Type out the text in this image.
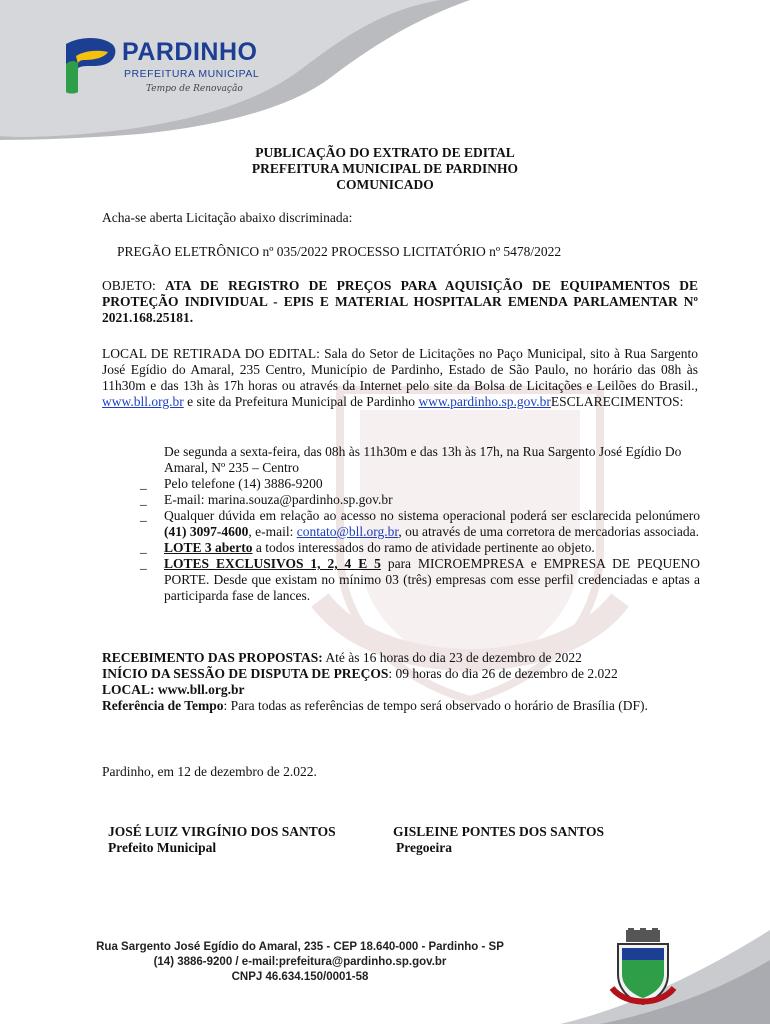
PARDINHO
PREFEITURA MUNICIPAL
Tempo de Renovação
PUBLICAÇÃO DO EXTRATO DE EDITAL
PREFEITURA MUNICIPAL DE PARDINHO
COMUNICADO
Acha-se aberta Licitação abaixo discriminada:
PREGÃO ELETRÔNICO nº 035/2022 PROCESSO LICITATÓRIO nº 5478/2022
OBJETO: ATA DE REGISTRO DE PREÇOS PARA AQUISIÇÃO DE EQUIPAMENTOS DE PROTEÇÃO INDIVIDUAL - EPIS E MATERIAL HOSPITALAR EMENDA PARLAMENTAR Nº 2021.168.25181.
LOCAL DE RETIRADA DO EDITAL: Sala do Setor de Licitações no Paço Municipal, sito à Rua Sargento José Egídio do Amaral, 235 Centro, Município de Pardinho, Estado de São Paulo, no horário das 08h às 11h30m e das 13h às 17h horas ou através da Internet pelo site da Bolsa de Licitações e Leilões do Brasil., www.bll.org.br e site da Prefeitura Municipal de Pardinho www.pardinho.sp.gov.brESCLARECIMENTOS:
De segunda a sexta-feira, das 08h às 11h30m e das 13h às 17h, na Rua Sargento José Egídio Do Amaral, Nº 235 – Centro
_ Pelo telefone (14) 3886-9200
_ E-mail: marina.souza@pardinho.sp.gov.br
_ Qualquer dúvida em relação ao acesso no sistema operacional poderá ser esclarecida pelonúmero (41) 3097-4600, e-mail: contato@bll.org.br, ou através de uma corretora de mercadorias associada.
_ LOTE 3 aberto a todos interessados do ramo de atividade pertinente ao objeto.
_ LOTES EXCLUSIVOS 1, 2, 4 E 5 para MICROEMPRESA e EMPRESA DE PEQUENO PORTE. Desde que existam no mínimo 03 (três) empresas com esse perfil credenciadas e aptas a participarda fase de lances.
RECEBIMENTO DAS PROPOSTAS: Até às 16 horas do dia 23 de dezembro de 2022
INÍCIO DA SESSÃO DE DISPUTA DE PREÇOS: 09 horas do dia 26 de dezembro de 2.022
LOCAL: www.bll.org.br
Referência de Tempo: Para todas as referências de tempo será observado o horário de Brasília (DF).
Pardinho, em 12 de dezembro de 2.022.
JOSÉ LUIZ VIRGÍNIO DOS SANTOS
Prefeito Municipal
GISLEINE PONTES DOS SANTOS
Pregoeira
Rua Sargento José Egídio do Amaral, 235 - CEP 18.640-000 - Pardinho - SP
(14) 3886-9200 / e-mail:prefeitura@pardinho.sp.gov.br
CNPJ 46.634.150/0001-58
